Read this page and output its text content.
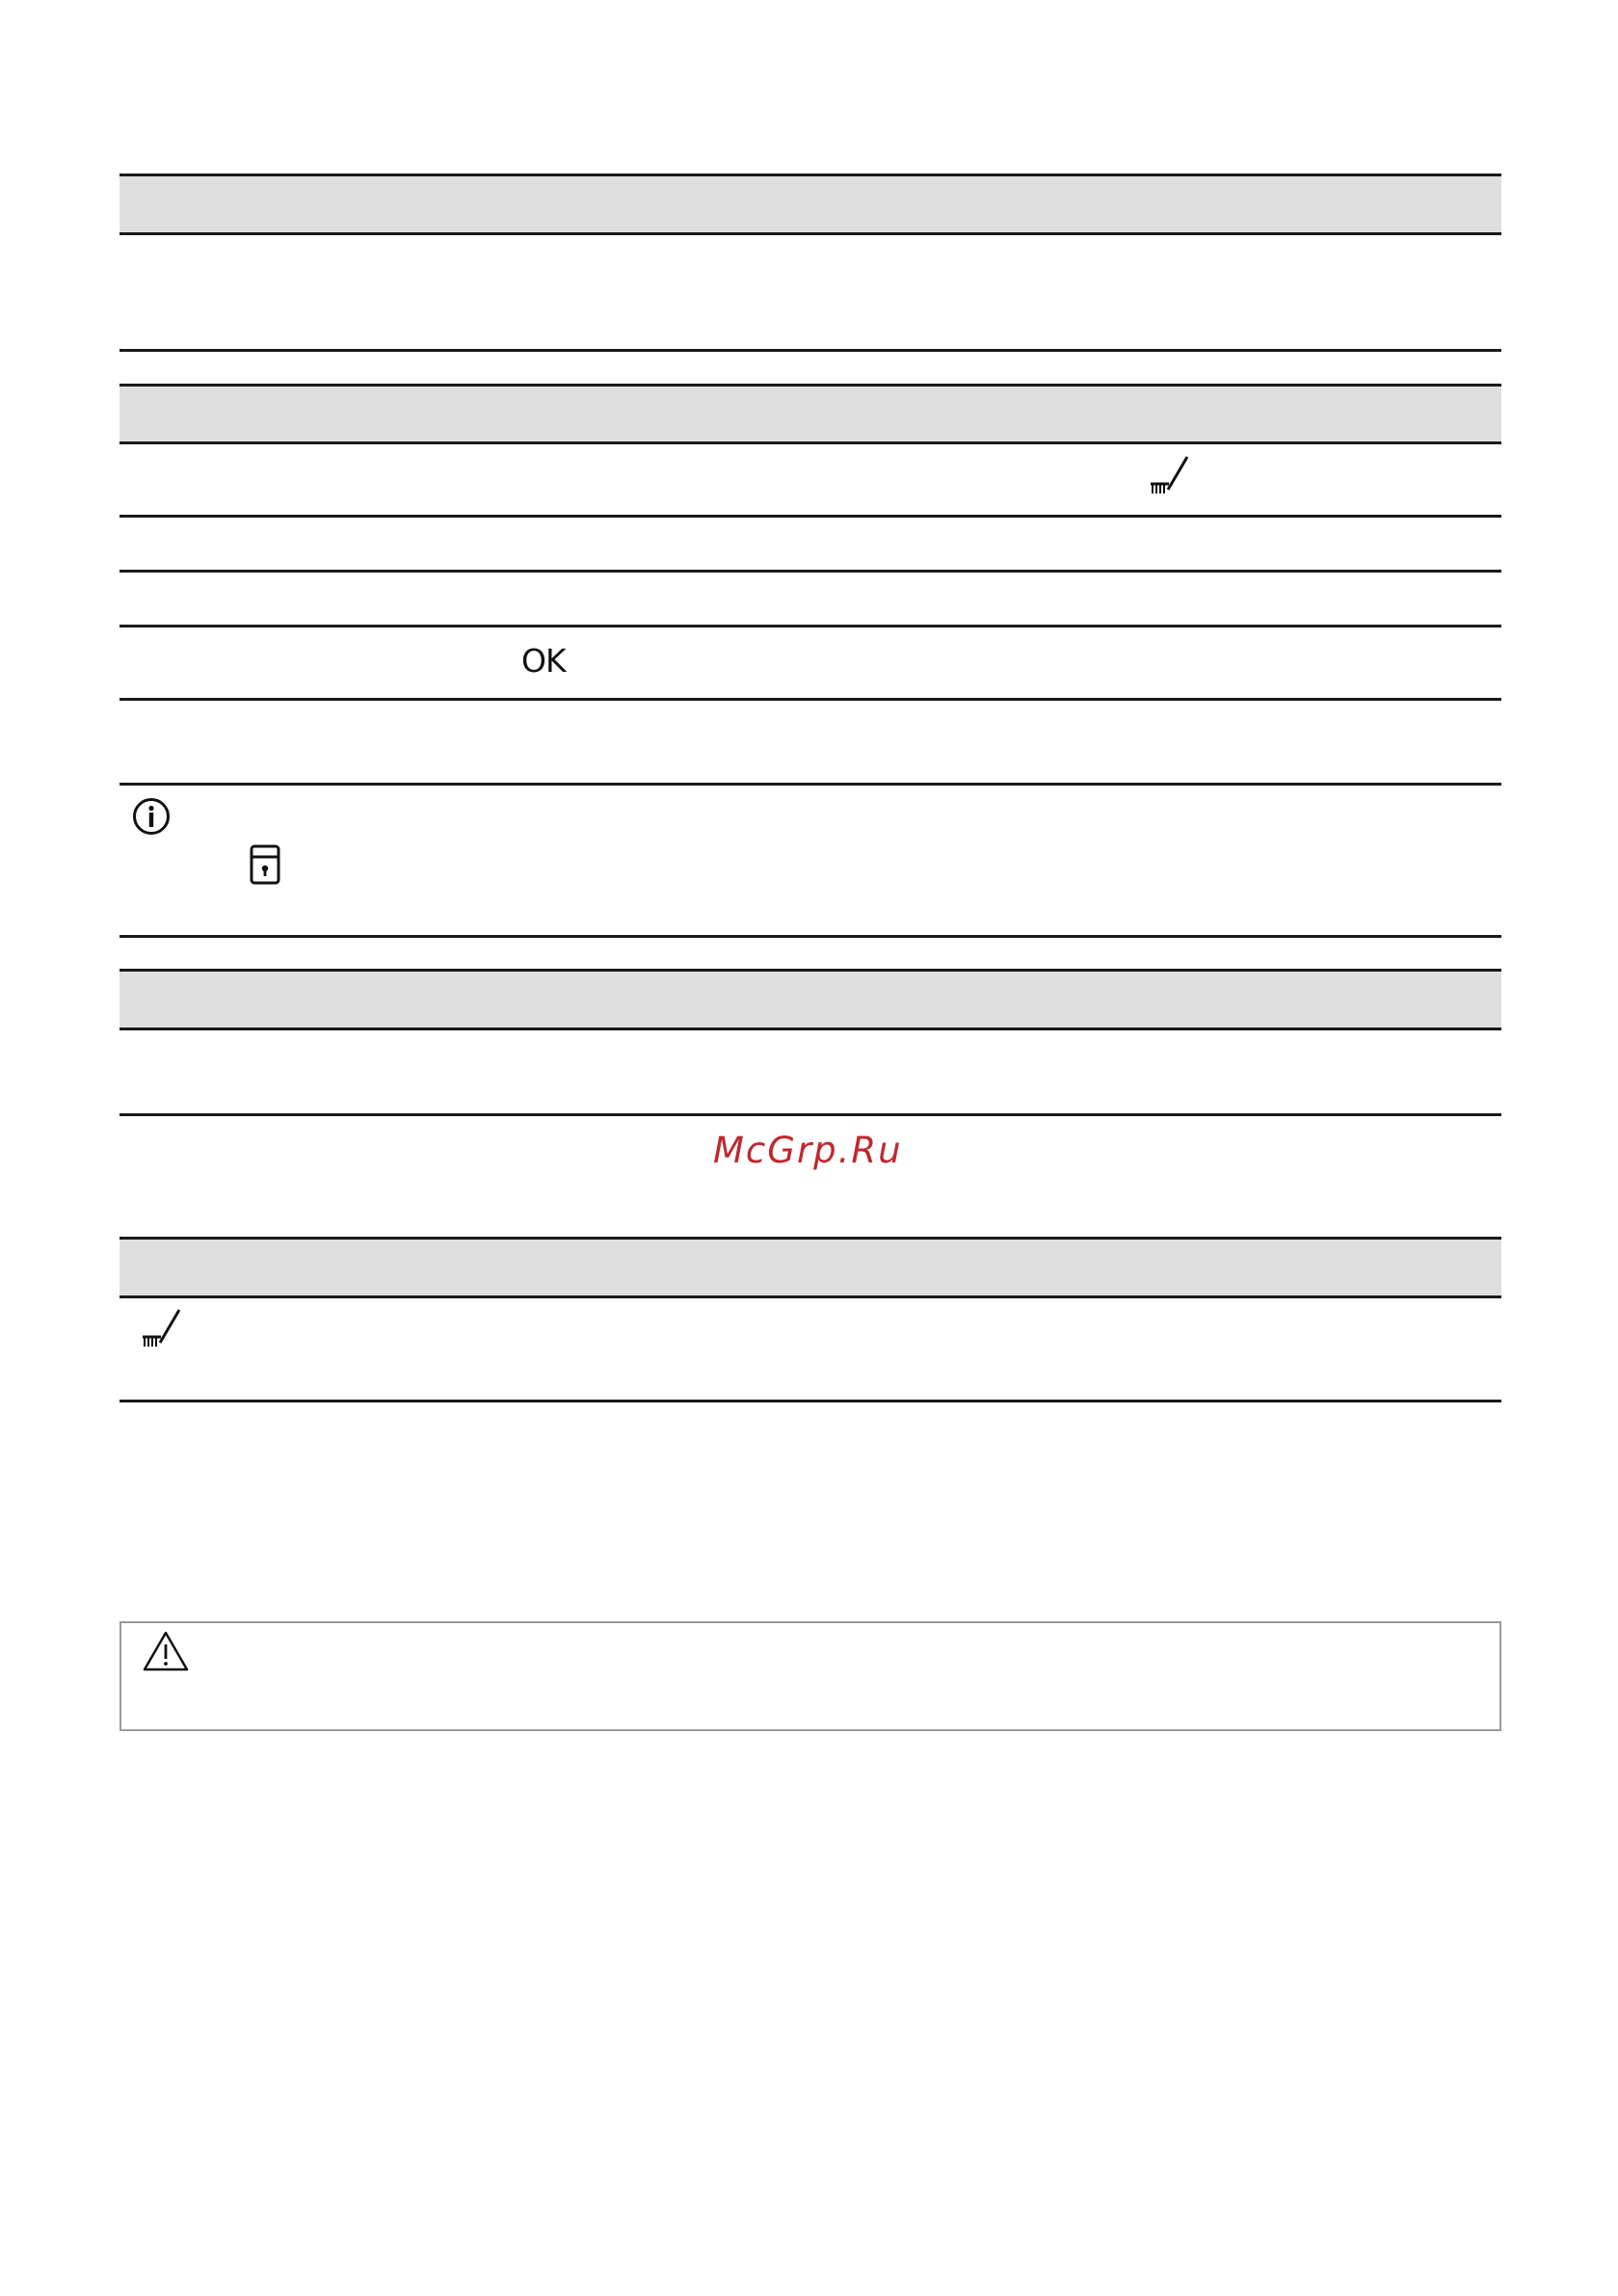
OK
McGrp.Ru
